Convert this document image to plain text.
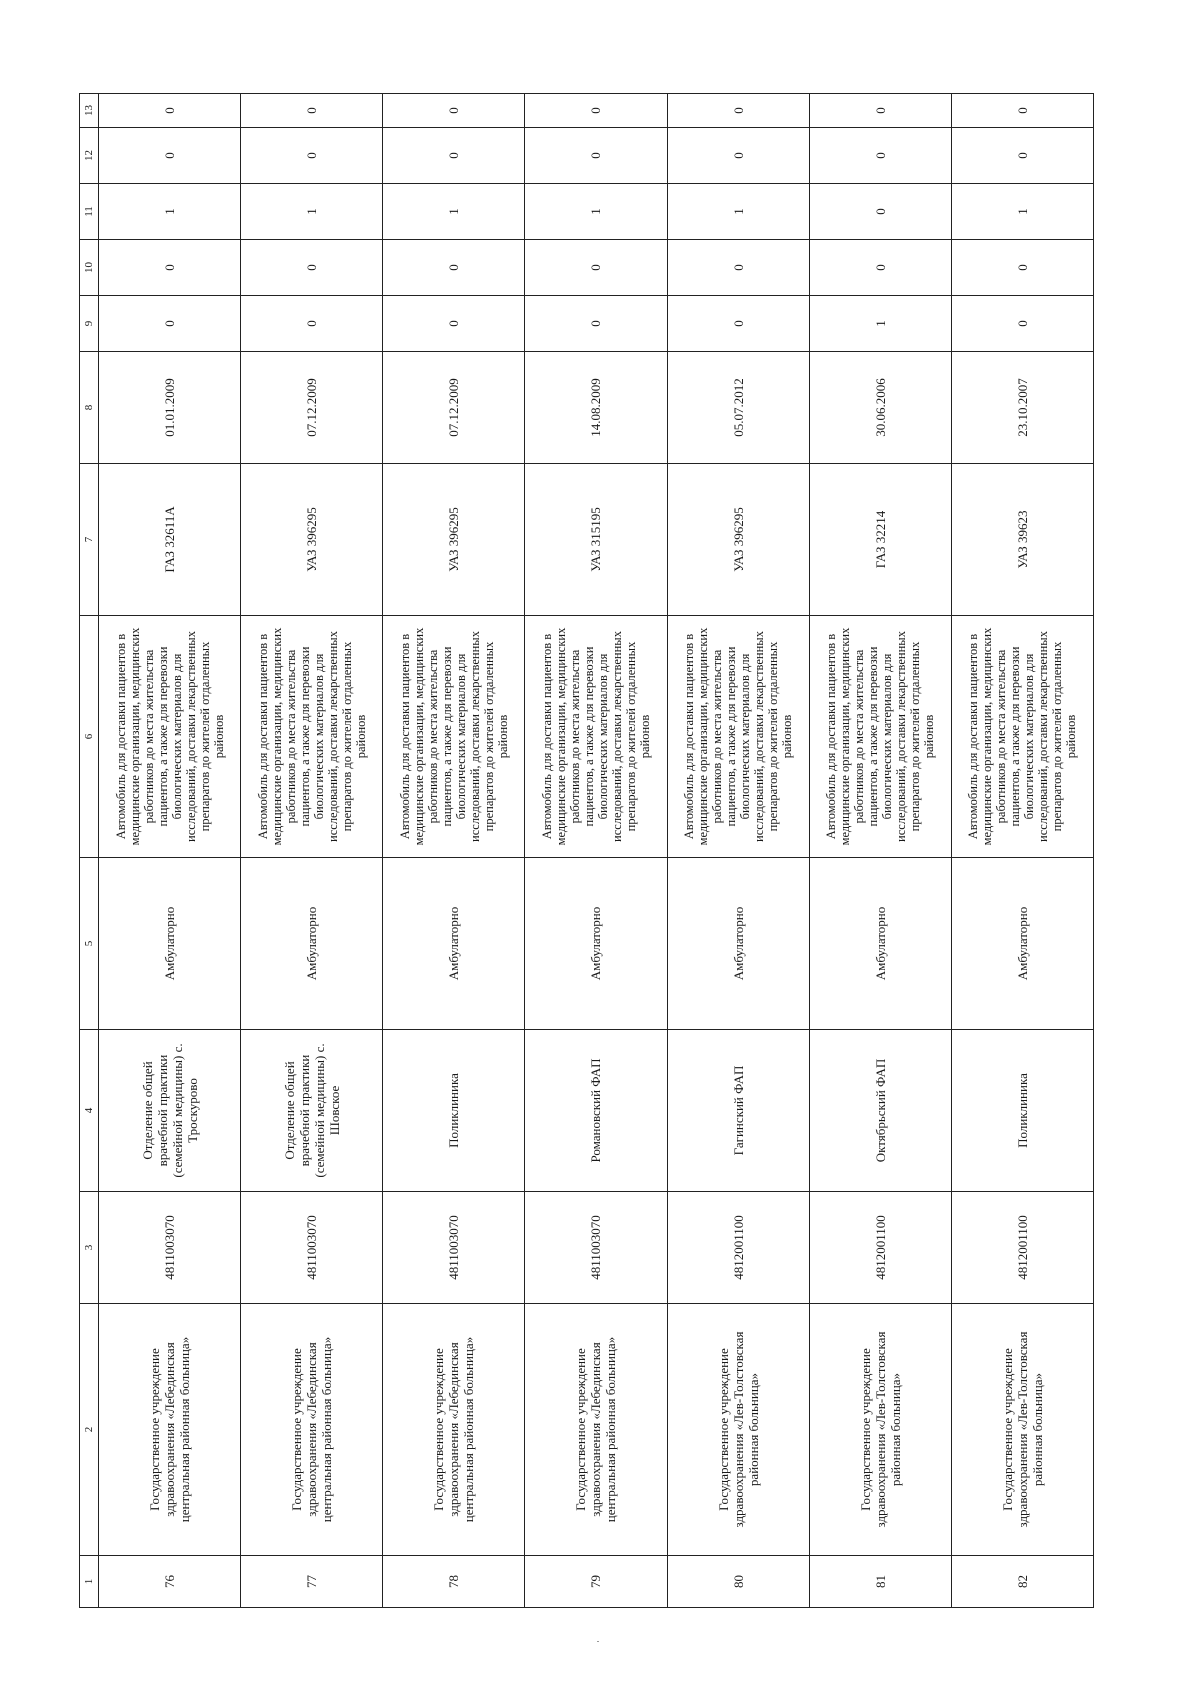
1	2	3	4	5	6	7	8	9	10	11	12	13
76	Государственное учреждение здравоохранения «Лебединская центральная районная больница»	4811003070	Отделение общей врачебной практики (семейной медицины) с. Троскурово	Амбулаторно	Автомобиль для доставки пациентов в медицинские организации, медицинских работников до места жительства пациентов, а также для перевозки биологических материалов для исследований, доставки лекарственных препаратов до жителей отдаленных районов	ГАЗ 32611А	01.01.2009	0	0	1	0	0
77	Государственное учреждение здравоохранения «Лебединская центральная районная больница»	4811003070	Отделение общей врачебной практики (семейной медицины) с. Шовское	Амбулаторно	Автомобиль для доставки пациентов в медицинские организации, медицинских работников до места жительства пациентов, а также для перевозки биологических материалов для исследований, доставки лекарственных препаратов до жителей отдаленных районов	УАЗ 396295	07.12.2009	0	0	1	0	0
78	Государственное учреждение здравоохранения «Лебединская центральная районная больница»	4811003070	Поликлиника	Амбулаторно	Автомобиль для доставки пациентов в медицинские организации, медицинских работников до места жительства пациентов, а также для перевозки биологических материалов для исследований, доставки лекарственных препаратов до жителей отдаленных районов	УАЗ 396295	07.12.2009	0	0	1	0	0
79	Государственное учреждение здравоохранения «Лебединская центральная районная больница»	4811003070	Романовский ФАП	Амбулаторно	Автомобиль для доставки пациентов в медицинские организации, медицинских работников до места жительства пациентов, а также для перевозки биологических материалов для исследований, доставки лекарственных препаратов до жителей отдаленных районов	УАЗ 315195	14.08.2009	0	0	1	0	0
80	Государственное учреждение здравоохранения «Лев-Толстовская районная больница»	4812001100	Гагинский ФАП	Амбулаторно	Автомобиль для доставки пациентов в медицинские организации, медицинских работников до места жительства пациентов, а также для перевозки биологических материалов для исследований, доставки лекарственных препаратов до жителей отдаленных районов	УАЗ 396295	05.07.2012	0	0	1	0	0
81	Государственное учреждение здравоохранения «Лев-Толстовская районная больница»	4812001100	Октябрьский ФАП	Амбулаторно	Автомобиль для доставки пациентов в медицинские организации, медицинских работников до места жительства пациентов, а также для перевозки биологических материалов для исследований, доставки лекарственных препаратов до жителей отдаленных районов	ГАЗ 32214	30.06.2006	1	0	0	0	0
82	Государственное учреждение здравоохранения «Лев-Толстовская районная больница»	4812001100	Поликлиника	Амбулаторно	Автомобиль для доставки пациентов в медицинские организации, медицинских работников до места жительства пациентов, а также для перевозки биологических материалов для исследований, доставки лекарственных препаратов до жителей отдаленных районов	УАЗ 39623	23.10.2007	0	0	1	0	0
